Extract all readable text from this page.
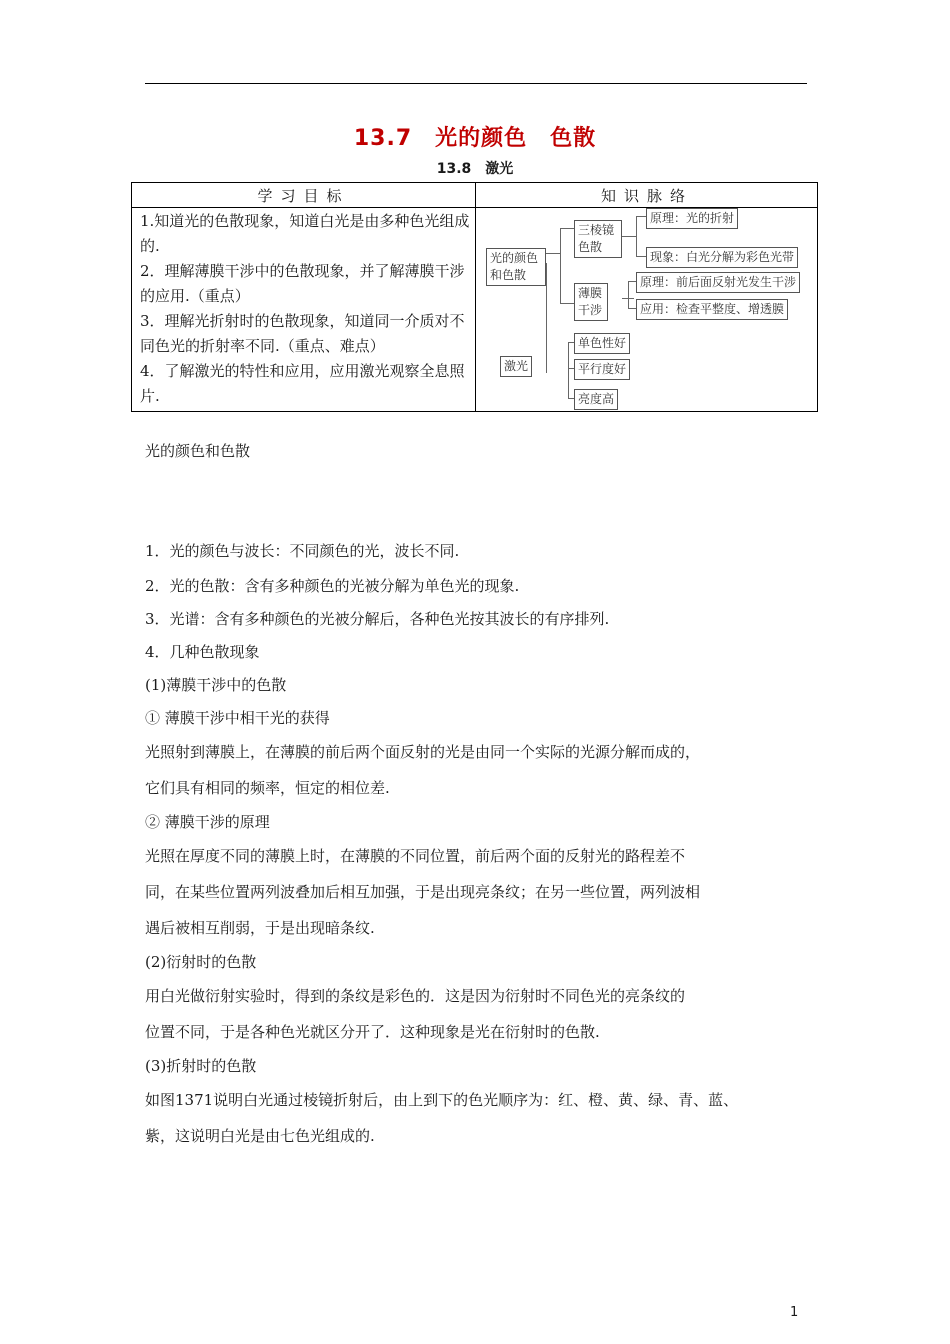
13.7　光的颜色　色散
13.8　激光
学习目标	知识脉络

1.知道光的色散现象，知道白光是由多种色光组成的.

2．理解薄膜干涉中的色散现象，并了解薄膜干涉的应用.（重点）

3．理解光折射时的色散现象，知道同一介质对不同色光的折射率不同.（重点、难点）

4．了解激光的特性和应用，应用激光观察全息照片.

光的颜色和色散
三棱镜色散
原理：光的折射
现象：白光分解为彩色光带
薄膜干涉
原理：前后面反射光发生干涉
应用：检查平整度、增透膜
激光
单色性好
平行度好
亮度高
光的颜色和色散
1．光的颜色与波长：不同颜色的光，波长不同.
2．光的色散：含有多种颜色的光被分解为单色光的现象.
3．光谱：含有多种颜色的光被分解后，各种色光按其波长的有序排列.
4．几种色散现象
(1)薄膜干涉中的色散
① 薄膜干涉中相干光的获得
光照射到薄膜上，在薄膜的前后两个面反射的光是由同一个实际的光源分解而成的，
它们具有相同的频率，恒定的相位差.
② 薄膜干涉的原理
光照在厚度不同的薄膜上时，在薄膜的不同位置，前后两个面的反射光的路程差不
同，在某些位置两列波叠加后相互加强，于是出现亮条纹；在另一些位置，两列波相
遇后被相互削弱，于是出现暗条纹.
(2)衍射时的色散
用白光做衍射实验时，得到的条纹是彩色的．这是因为衍射时不同色光的亮条纹的
位置不同，于是各种色光就区分开了．这种现象是光在衍射时的色散.
(3)折射时的色散
如图1371说明白光通过棱镜折射后，由上到下的色光顺序为：红、橙、黄、绿、青、蓝、
紫，这说明白光是由七色光组成的.
1
